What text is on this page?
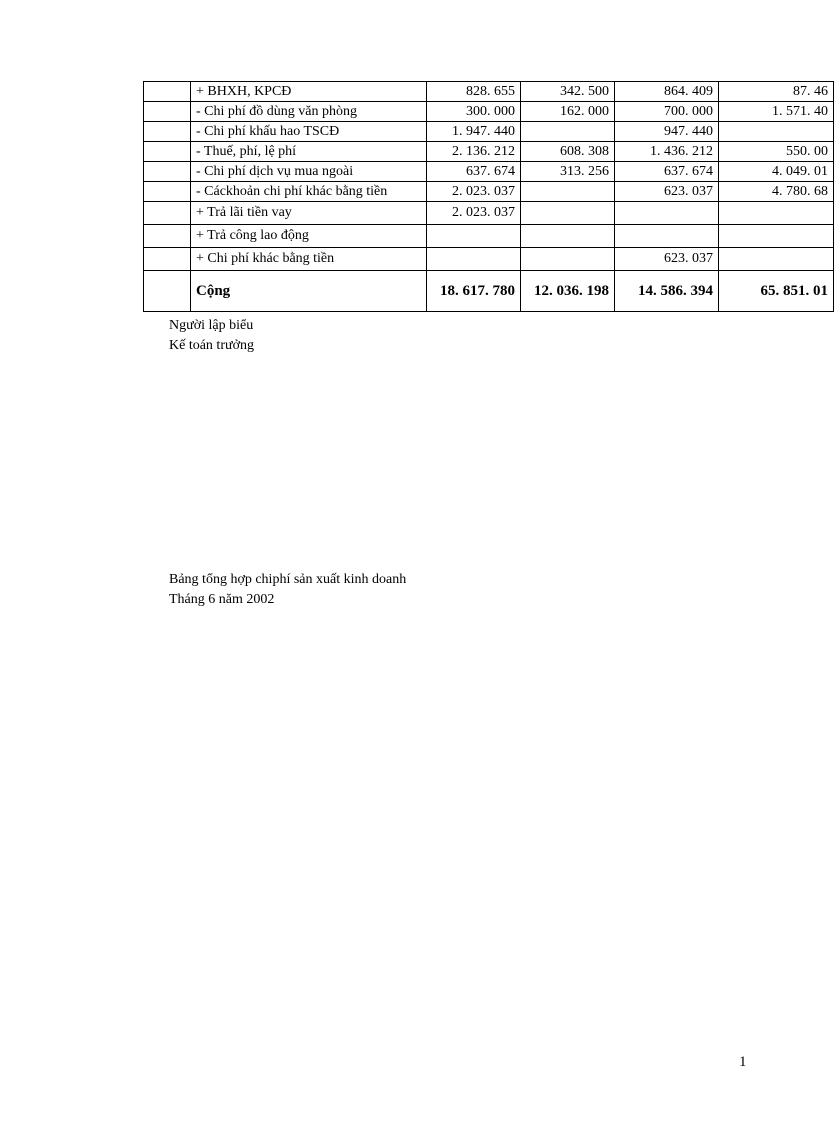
	+ BHXH, KPCĐ	828. 655	342. 500	864. 409	87. 46
	- Chi phí đồ dùng văn phòng	300. 000	162. 000	700. 000	1. 571. 40
	- Chi phí khấu hao TSCĐ	1. 947. 440		947. 440	
	- Thuế, phí, lệ phí	2. 136. 212	608. 308	1. 436. 212	550. 00
	- Chi phí dịch vụ mua ngoài	637. 674	313. 256	637. 674	4. 049. 01
	- Cáckhoản chi phí khác bằng tiền	2. 023. 037		623. 037	4. 780. 68
	+ Trả lãi tiền vay	2. 023. 037			
	+ Trả công lao động				
	+ Chi phí khác bằng tiền			623. 037	
	Cộng	18. 617. 780	12. 036. 198	14. 586. 394	65. 851. 01
Người lập biểu
Kế toán trưởng
Bảng tổng hợp chiphí sản xuất kinh doanh
Tháng 6 năm 2002
1
